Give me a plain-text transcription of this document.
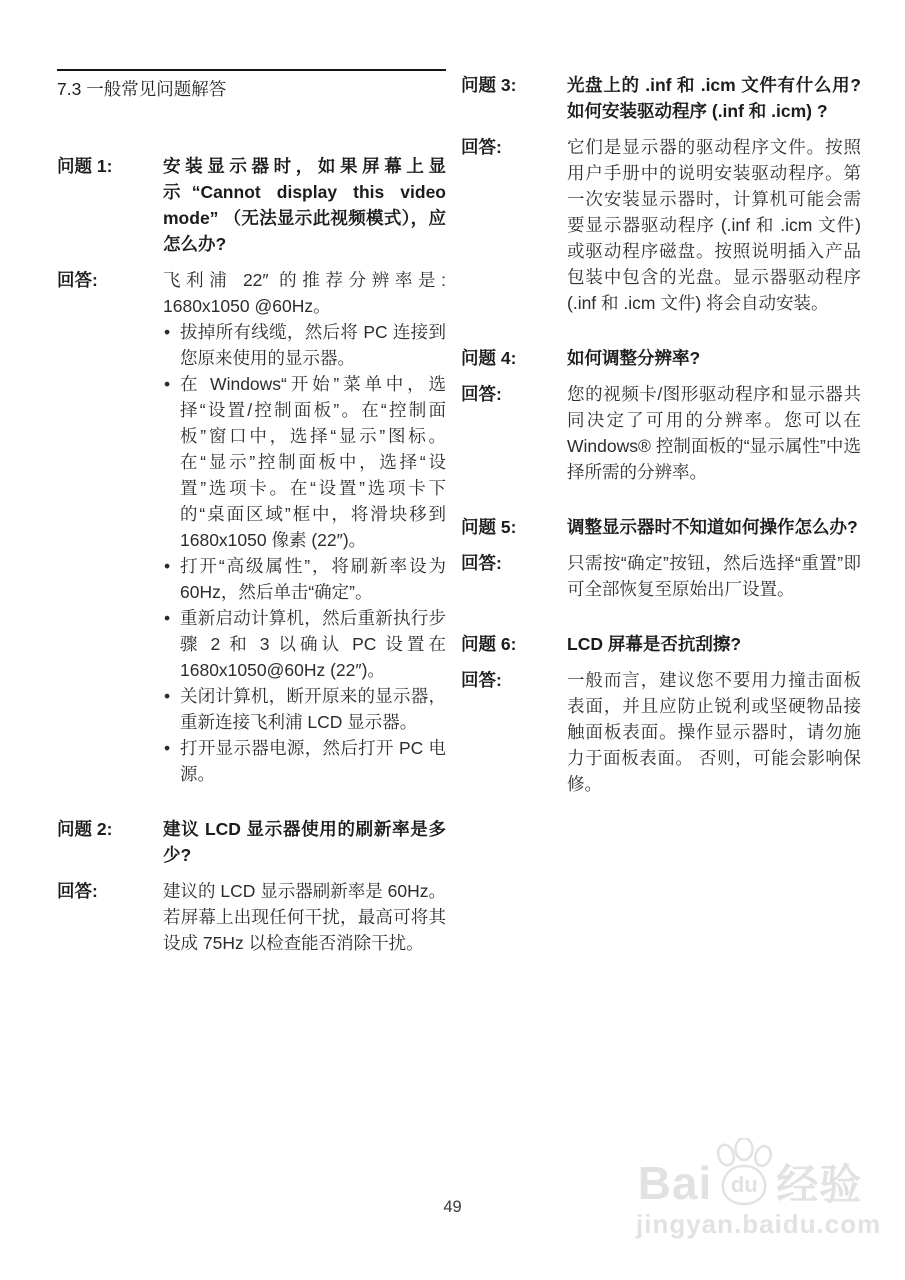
7.3 一般常见问题解答
问题 1:	安装显示器时，如果屏幕上显示“Cannot display this video mode” （无法显示此视频模式），应怎么办?
回答:	飞利浦 22″ 的推荐分辨率是: 1680x1050 @60Hz。

• 拔掉所有线缆，然后将 PC 连接到您原来使用的显示器。
• 在 Windows“开始”菜单中，选择“设置/控制面板”。在“控制面板”窗口中，选择“显示”图标。在“显示”控制面板中，选择“设置”选项卡。在“设置”选项卡下的“桌面区域”框中，将滑块移到 1680x1050 像素 (22″)。
• 打开“高级属性”，将刷新率设为 60Hz，然后单击“确定”。
• 重新启动计算机，然后重新执行步骤 2 和 3 以确认 PC 设置在 1680x1050@60Hz (22″)。
• 关闭计算机，断开原来的显示器，重新连接飞利浦 LCD 显示器。
• 打开显示器电源，然后打开 PC 电源。
问题 2:	建议 LCD 显示器使用的刷新率是多少?
回答:	建议的 LCD 显示器刷新率是 60Hz。若屏幕上出现任何干扰，最高可将其设成 75Hz 以检查能否消除干扰。

问题 3:	光盘上的 .inf 和 .icm 文件有什么用? 如何安装驱动程序 (.inf 和 .icm) ?
回答:	它们是显示器的驱动程序文件。按照用户手册中的说明安装驱动程序。第一次安装显示器时，计算机可能会需要显示器驱动程序 (.inf 和 .icm 文件) 或驱动程序磁盘。按照说明插入产品包装中包含的光盘。显示器驱动程序 (.inf 和 .icm 文件) 将会自动安装。

问题 4:	如何调整分辨率?
回答:	您的视频卡/图形驱动程序和显示器共同决定了可用的分辨率。您可以在 Windows® 控制面板的“显示属性”中选择所需的分辨率。

问题 5:	调整显示器时不知道如何操作怎么办?
回答:	只需按“确定”按钮，然后选择“重置”即可全部恢复至原始出厂设置。

问题 6:	LCD 屏幕是否抗刮擦?
回答:	一般而言，建议您不要用力撞击面板表面，并且应防止锐利或坚硬物品接触面板表面。操作显示器时，请勿施力于面板表面。 否则，可能会影响保修。

49	Bai du 经验
jingyan.baidu.com
